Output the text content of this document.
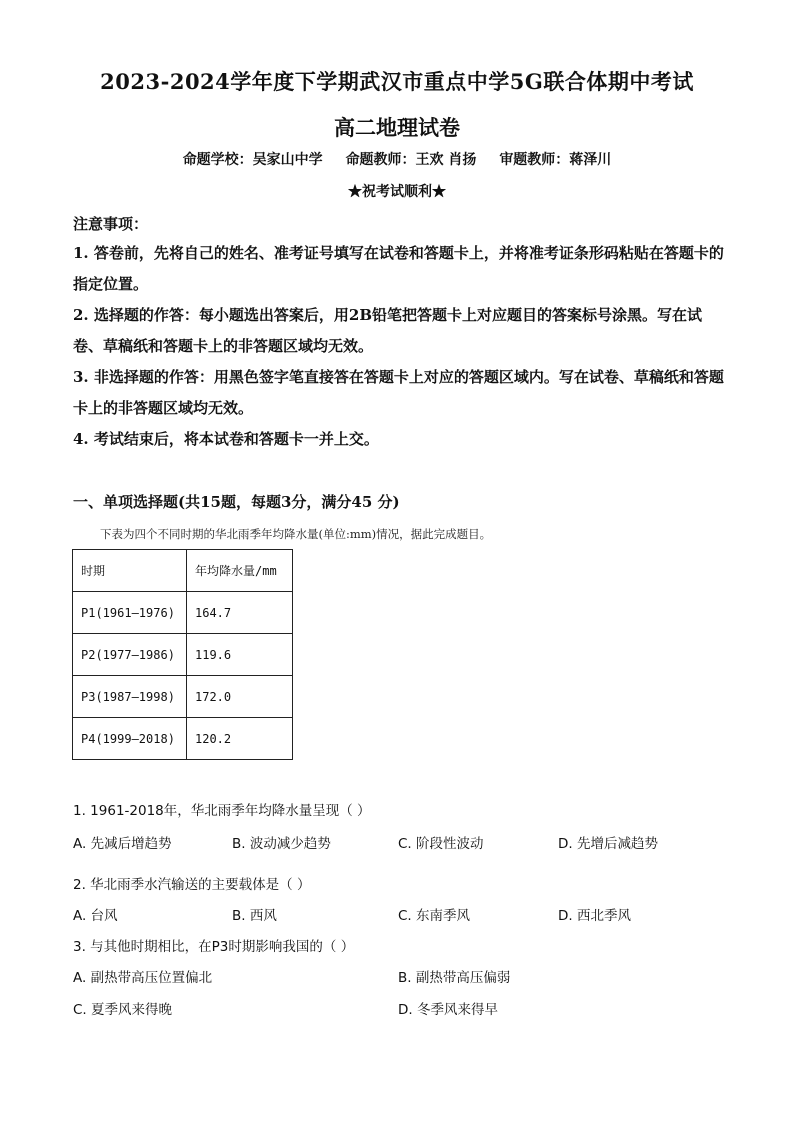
2023-2024学年度下学期武汉市重点中学5G联合体期中考试
高二地理试卷
命题学校：吴家山中学 命题教师：王欢 肖扬 审题教师：蒋泽川
★祝考试顺利★
注意事项：
1. 答卷前，先将自己的姓名、准考证号填写在试卷和答题卡上，并将准考证条形码粘贴在答题卡的指定位置。
2. 选择题的作答：每小题选出答案后，用2B铅笔把答题卡上对应题目的答案标号涂黑。写在试卷、草稿纸和答题卡上的非答题区域均无效。
3. 非选择题的作答：用黑色签字笔直接答在答题卡上对应的答题区域内。写在试卷、草稿纸和答题卡上的非答题区域均无效。
4. 考试结束后，将本试卷和答题卡一并上交。
一、单项选择题(共15题，每题3分，满分45 分)
下表为四个不同时期的华北雨季年均降水量(单位:mm)情况，据此完成题目。
时期	年均降水量/mm
P1(1961—1976)	164.7
P2(1977—1986)	119.6
P3(1987—1998)	172.0
P4(1999—2018)	120.2
1. 1961-2018年，华北雨季年均降水量呈现（ ）
A. 先减后增趋势	B. 波动减少趋势	C. 阶段性波动	D. 先增后减趋势
2. 华北雨季水汽输送的主要载体是（ ）
A. 台风	B. 西风	C. 东南季风	D. 西北季风
3. 与其他时期相比，在P3时期影响我国的（ ）
A. 副热带高压位置偏北	B. 副热带高压偏弱
C. 夏季风来得晚	D. 冬季风来得早
